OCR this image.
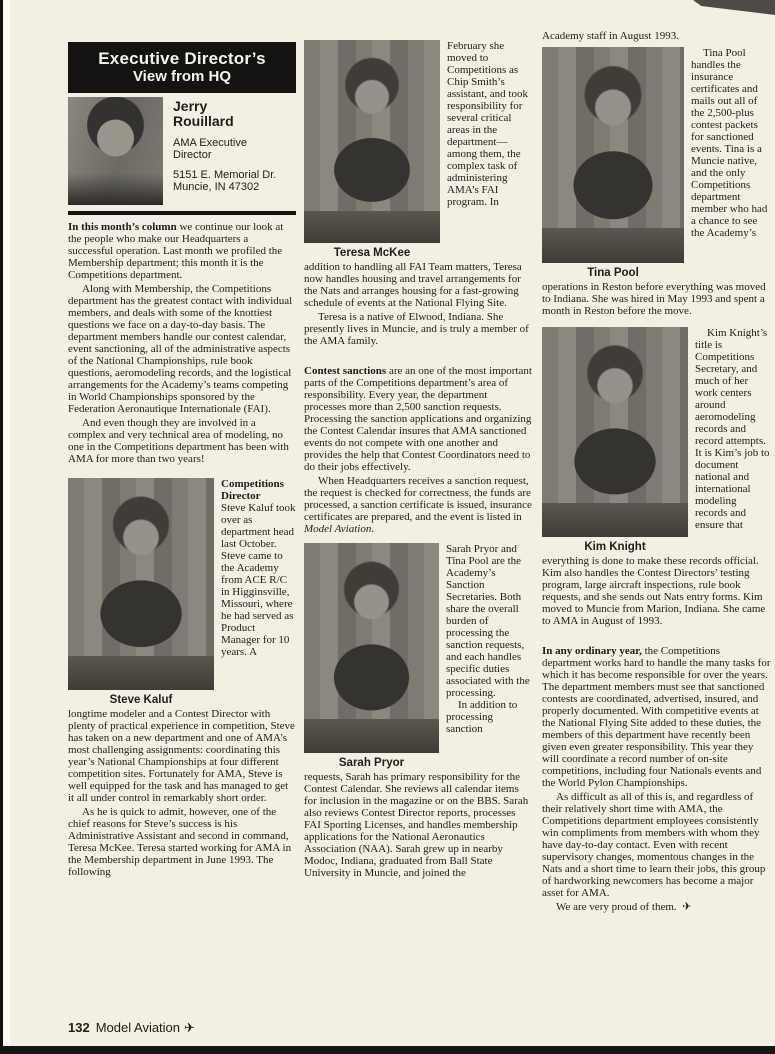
Executive Director’s
View from HQ
Jerry Rouillard
AMA Executive Director
5151 E. Memorial Dr.
Muncie, IN 47302

In this month’s column we continue our look at the people who make our Headquarters a successful operation. Last month we profiled the Membership department; this month it is the Competitions department.

Along with Membership, the Competitions department has the greatest contact with individual members, and deals with some of the knottiest questions we face on a day-to-day basis. The department members handle our contest calendar, event sanctioning, all of the administrative aspects of the National Championships, rule book questions, aeromodeling records, and the logistical arrangements for the Academy’s teams competing in World Championships sponsored by the Federation Aeronautique Internationale (FAI).

And even though they are involved in a complex and very technical area of modeling, no one in the Competitions department has been with AMA for more than two years!

Steve Kaluf
Competitions Director

Steve Kaluf took over as department head last October. Steve came to the Academy from ACE R/C in Higginsville, Missouri, where he had served as Product Manager for 10 years. A

longtime modeler and a Contest Director with plenty of practical experience in competition, Steve has taken on a new department and one of AMA’s most challenging assignments: coordinating this year’s National Championships at four different competition sites. Fortunately for AMA, Steve is well equipped for the task and has managed to get it all under control in remarkably short order.

As he is quick to admit, however, one of the chief reasons for Steve’s success is his Administrative Assistant and second in command, Teresa McKee. Teresa started working for AMA in the Membership department in June 1993. The following

Teresa McKee

February she moved to Competitions as Chip Smith’s assistant, and took responsibility for several critical areas in the department—among them, the complex task of administering AMA’s FAI program. In

addition to handling all FAI Team matters, Teresa now handles housing and travel arrangements for the Nats and arranges housing for a fast-growing schedule of events at the National Flying Site.

Teresa is a native of Elwood, Indiana. She presently lives in Muncie, and is truly a member of the AMA family.

Contest sanctions are an one of the most important parts of the Competitions department’s area of responsibility. Every year, the department processes more than 2,500 sanction requests. Processing the sanction applications and organizing the Contest Calendar insures that AMA sanctioned events do not compete with one another and provides the help that Contest Coordinators need to do their jobs effectively.

When Headquarters receives a sanction request, the request is checked for correctness, the funds are processed, a sanction certificate is issued, insurance certificates are prepared, and the event is listed in Model Aviation.

Sarah Pryor

Sarah Pryor and Tina Pool are the Academy’s Sanction Secretaries. Both share the overall burden of processing the sanction requests, and each handles specific duties associated with the processing.

In addition to processing sanction

requests, Sarah has primary responsibility for the Contest Calendar. She reviews all calendar items for inclusion in the magazine or on the BBS. Sarah also reviews Contest Director reports, processes FAI Sporting Licenses, and handles membership applications for the National Aeronautics Association (NAA). Sarah grew up in nearby Modoc, Indiana, graduated from Ball State University in Muncie, and joined the

Academy staff in August 1993.

Tina Pool

Tina Pool handles the insurance certificates and mails out all of the 2,500-plus contest packets for sanctioned events. Tina is a Muncie native, and the only Competitions department member who had a chance to see the Academy’s

operations in Reston before everything was moved to Indiana. She was hired in May 1993 and spent a month in Reston before the move.

Kim Knight

Kim Knight’s title is Competitions Secretary, and much of her work centers around aeromodeling records and record attempts. It is Kim’s job to document national and international modeling records and ensure that

everything is done to make these records official. Kim also handles the Contest Directors’ testing program, large aircraft inspections, rule book requests, and she sends out Nats entry forms. Kim moved to Muncie from Marion, Indiana. She came to AMA in August of 1993.

In any ordinary year, the Competitions department works hard to handle the many tasks for which it has become responsible for over the years. The department members must see that sanctioned contests are coordinated, advertised, insured, and properly documented. With competitive events at the National Flying Site added to these duties, the members of this department have recently been given even greater responsibility. This year they will coordinate a record number of on-site competitions, including four Nationals events and the World Pylon Championships.

As difficult as all of this is, and regardless of their relatively short time with AMA, the Competitions department employees consistently win compliments from members with whom they have day-to-day contact. Even with recent supervisory changes, momentous changes in the Nats and a short time to learn their jobs, this group of hardworking newcomers has become a major asset for AMA.

We are very proud of them. ✈

132 Model Aviation ✈
